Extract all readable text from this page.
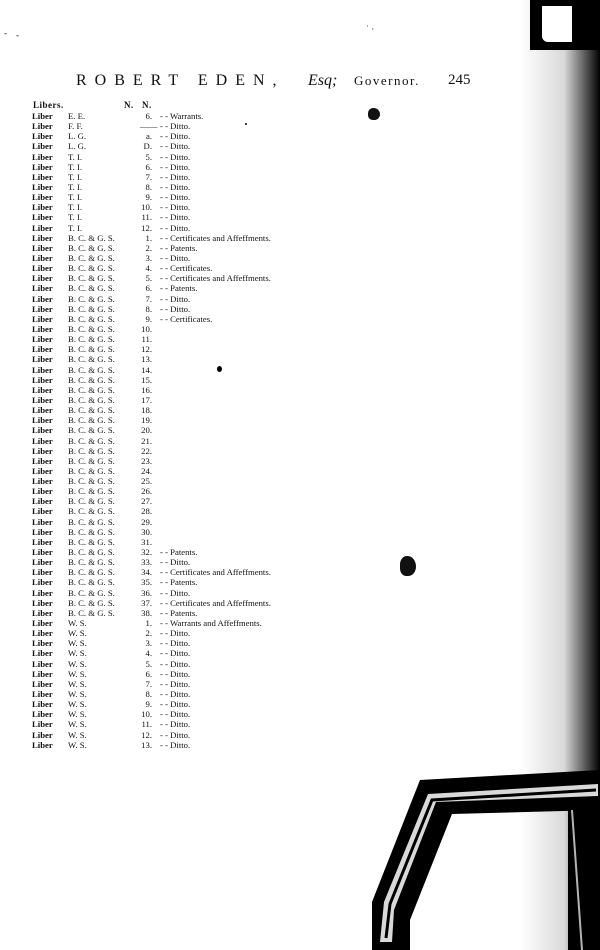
‐ ‐
˙ ·
ROBERT EDEN, Esq; Governor. 245
Libers.	N. N.
Liber E. E.	6. - - Warrants.
Liber F. F.	—— - - Ditto.
Liber L. G.	a. - - Ditto.
Liber L. G.	D. - - Ditto.
Liber T. I.	5. - - Ditto.
Liber T. I.	6. - - Ditto.
Liber T. I.	7. - - Ditto.
Liber T. I.	8. - - Ditto.
Liber T. I.	9. - - Ditto.
Liber T. I.	10. - - Ditto.
Liber T. I.	11. - - Ditto.
Liber T. I.	12. - - Ditto.
Liber B. C. & G. S.	1. - - Certificates and Affeffments.
Liber B. C. & G. S.	2. - - Patents.
Liber B. C. & G. S.	3. - - Ditto.
Liber B. C. & G. S.	4. - - Certificates.
Liber B. C. & G. S.	5. - - Certificates and Affeffments.
Liber B. C. & G. S.	6. - - Patents.
Liber B. C. & G. S.	7. - - Ditto.
Liber B. C. & G. S.	8. - - Ditto.
Liber B. C. & G. S.	9. - - Certificates.
Liber B. C. & G. S.	10.
Liber B. C. & G. S.	11.
Liber B. C. & G. S.	12.
Liber B. C. & G. S.	13.
Liber B. C. & G. S.	14.
Liber B. C. & G. S.	15.
Liber B. C. & G. S.	16.
Liber B. C. & G. S.	17.
Liber B. C. & G. S.	18.
Liber B. C. & G. S.	19.
Liber B. C. & G. S.	20.
Liber B. C. & G. S.	21.
Liber B. C. & G. S.	22.
Liber B. C. & G. S.	23.
Liber B. C. & G. S.	24.
Liber B. C. & G. S.	25.
Liber B. C. & G. S.	26.
Liber B. C. & G. S.	27.
Liber B. C. & G. S.	28.
Liber B. C. & G. S.	29.
Liber B. C. & G. S.	30.
Liber B. C. & G. S.	31.
Liber B. C. & G. S.	32. - - Patents.
Liber B. C. & G. S.	33. - - Ditto.
Liber B. C. & G. S.	34. - - Certificates and Affeffments.
Liber B. C. & G. S.	35. - - Patents.
Liber B. C. & G. S.	36. - - Ditto.
Liber B. C. & G. S.	37. - - Certificates and Affeffments.
Liber B. C. & G. S.	38. - - Patents.
Liber W. S.	1. - - Warrants and Affeffments.
Liber W. S.	2. - - Ditto.
Liber W. S.	3. - - Ditto.
Liber W. S.	4. - - Ditto.
Liber W. S.	5. - - Ditto.
Liber W. S.	6. - - Ditto.
Liber W. S.	7. - - Ditto.
Liber W. S.	8. - - Ditto.
Liber W. S.	9. - - Ditto.
Liber W. S.	10. - - Ditto.
Liber W. S.	11. - - Ditto.
Liber W. S.	12. - - Ditto.
Liber W. S.	13. - - Ditto.
